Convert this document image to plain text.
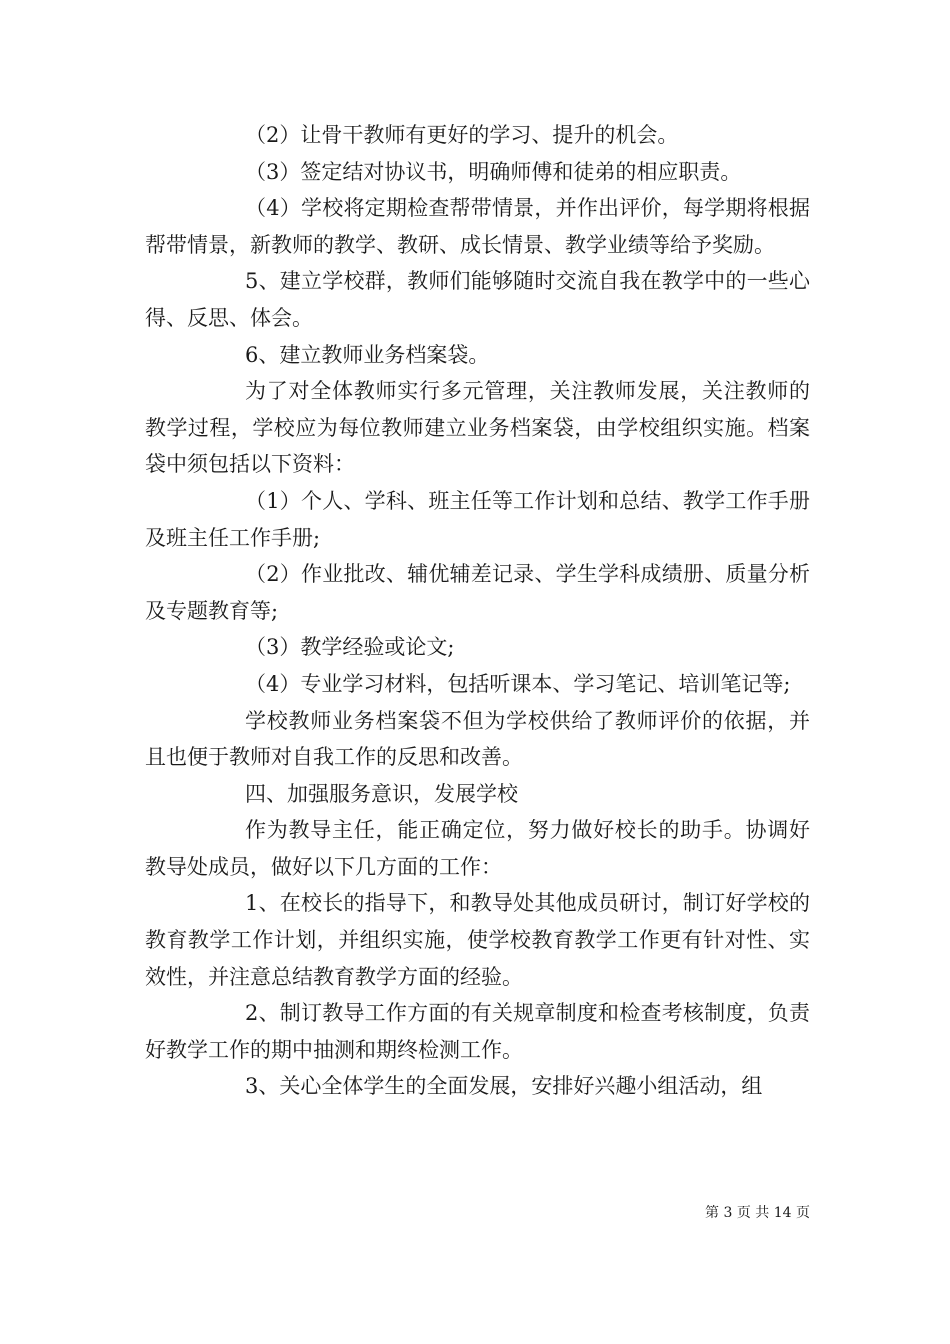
（2）让骨干教师有更好的学习、提升的机会。

（3）签定结对协议书，明确师傅和徒弟的相应职责。

（4）学校将定期检查帮带情景，并作出评价，每学期将根据帮带情景，新教师的教学、教研、成长情景、教学业绩等给予奖励。

5、建立学校群，教师们能够随时交流自我在教学中的一些心得、反思、体会。

6、建立教师业务档案袋。

为了对全体教师实行多元管理，关注教师发展，关注教师的教学过程，学校应为每位教师建立业务档案袋，由学校组织实施。档案袋中须包括以下资料：

（1）个人、学科、班主任等工作计划和总结、教学工作手册及班主任工作手册;

（2）作业批改、辅优辅差记录、学生学科成绩册、质量分析及专题教育等;

（3）教学经验或论文;

（4）专业学习材料，包括听课本、学习笔记、培训笔记等;

学校教师业务档案袋不但为学校供给了教师评价的依据，并且也便于教师对自我工作的反思和改善。

四、加强服务意识，发展学校

作为教导主任，能正确定位，努力做好校长的助手。协调好教导处成员，做好以下几方面的工作：

1、在校长的指导下，和教导处其他成员研讨，制订好学校的教育教学工作计划，并组织实施，使学校教育教学工作更有针对性、实效性，并注意总结教育教学方面的经验。

2、制订教导工作方面的有关规章制度和检查考核制度，负责好教学工作的期中抽测和期终检测工作。

3、关心全体学生的全面发展，安排好兴趣小组活动，组

第 3 页 共 14 页
